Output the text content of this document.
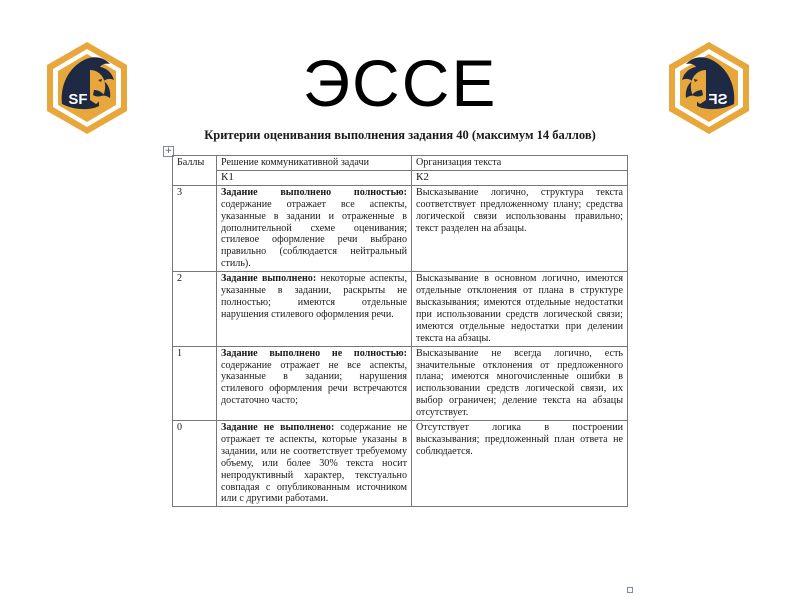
SF	SF
ЭССЕ
Критерии оценивания выполнения задания 40 (максимум 14 баллов)
+
Баллы	Решение коммуникативной задачи	Организация текста
	К1	К2
3	Задание выполнено полностью: содержание отражает все аспекты, указанные в задании и отраженные в дополнительной схеме оценивания; стилевое оформление речи выбрано правильно (соблюдается нейтральный стиль).	Высказывание логично, структура текста соответствует предложенному плану; средства логической связи использованы правильно; текст разделен на абзацы.
2	Задание выполнено: некоторые аспекты, указанные в задании, раскрыты не полностью; имеются отдельные нарушения стилевого оформления речи.	Высказывание в основном логично, имеются отдельные отклонения от плана в структуре высказывания; имеются отдельные недостатки при использовании средств логической связи; имеются отдельные недостатки при делении текста на абзацы.
1	Задание выполнено не полностью: содержание отражает не все аспекты, указанные в задании; нарушения стилевого оформления речи встречаются достаточно часто;	Высказывание не всегда логично, есть значительные отклонения от предложенного плана; имеются многочисленные ошибки в использовании средств логической связи, их выбор ограничен; деление текста на абзацы отсутствует.
0	Задание не выполнено: содержание не отражает те аспекты, которые указаны в задании, или не соответствует требуемому объему, или более 30% текста носит непродуктивный характер, текстуально совпадая с опубликованным источником или с другими работами.	Отсутствует логика в построении высказывания; предложенный план ответа не соблюдается.
